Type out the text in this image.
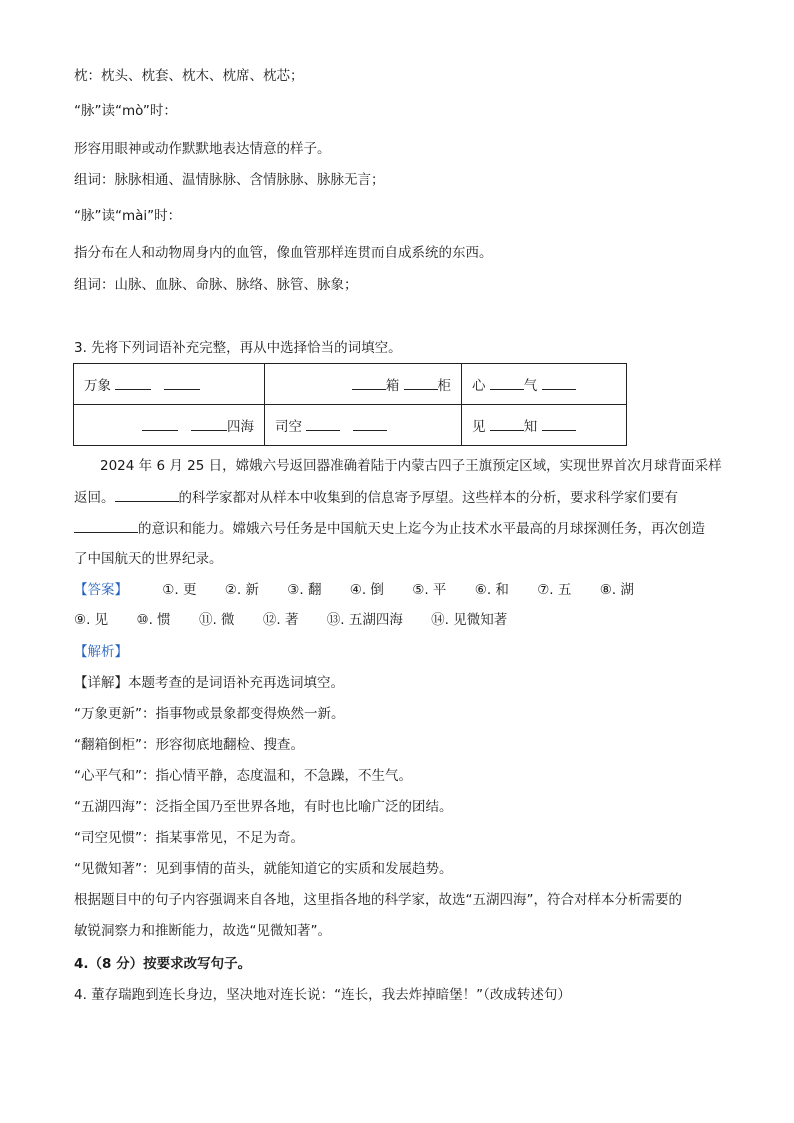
枕：枕头、枕套、枕木、枕席、枕芯；
“脉”读“mò”时：
形容用眼神或动作默默地表达情意的样子。
组词：脉脉相通、温情脉脉、含情脉脉、脉脉无言；
“脉”读“mài”时：
指分布在人和动物周身内的血管，像血管那样连贯而自成系统的东西。
组词：山脉、血脉、命脉、脉络、脉管、脉象；
3. 先将下列词语补充完整，再从中选择恰当的词填空。
万象	箱 柜	心 气
四海	司空	见 知
2024 年 6 月 25 日，嫦娥六号返回器准确着陆于内蒙古四子王旗预定区域，实现世界首次月球背面采样
返回。	的科学家都对从样本中收集到的信息寄予厚望。这些样本的分析，要求科学家们要有
的意识和能力。嫦娥六号任务是中国航天史上迄今为止技术水平最高的月球探测任务，再次创造
了中国航天的世界纪录。
【答案】	①. 更 ②. 新 ③. 翻 ④. 倒 ⑤. 平 ⑥. 和 ⑦. 五 ⑧. 湖
⑨. 见 ⑩. 惯 ⑪. 微 ⑫. 著 ⑬. 五湖四海 ⑭. 见微知著
【解析】
【详解】本题考查的是词语补充再选词填空。
“万象更新”：指事物或景象都变得焕然一新。
“翻箱倒柜”：形容彻底地翻检、搜查。
“心平气和”：指心情平静，态度温和，不急躁，不生气。
“五湖四海”：泛指全国乃至世界各地，有时也比喻广泛的团结。
“司空见惯”：指某事常见，不足为奇。
“见微知著”：见到事情的苗头，就能知道它的实质和发展趋势。
根据题目中的句子内容强调来自各地，这里指各地的科学家，故选“五湖四海”，符合对样本分析需要的
敏锐洞察力和推断能力，故选“见微知著”。
4.（8 分）按要求改写句子。
4. 董存瑞跑到连长身边，坚决地对连长说：“连长，我去炸掉暗堡！”（改成转述句）
